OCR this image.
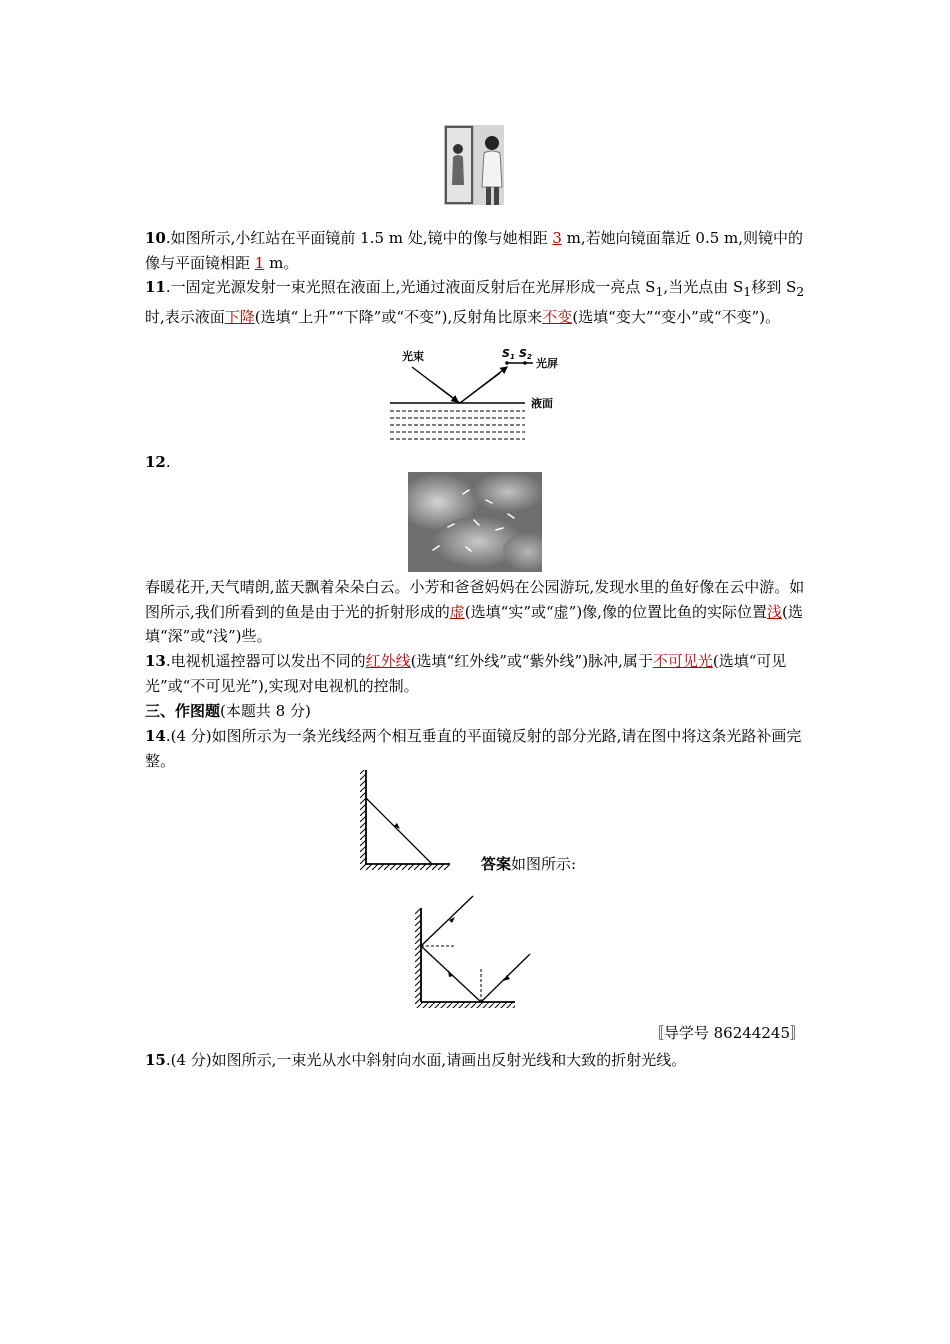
10.如图所示,小红站在平面镜前 1.5 m 处,镜中的像与她相距 3 m,若她向镜面靠近 0.5 m,则镜中的像与平面镜相距 1 m。

11.一固定光源发射一束光照在液面上,光通过液面反射后在光屏形成一亮点 $S_1$,当光点由 $S_1$移到 $S_2$时,表示液面下降(选填“上升”“下降”或“不变”),反射角比原来不变(选填“变大”“变小”或“不变”)。

光束	S1 S2 光屏
液面

12.

春暖花开,天气晴朗,蓝天飘着朵朵白云。小芳和爸爸妈妈在公园游玩,发现水里的鱼好像在云中游。如图所示,我们所看到的鱼是由于光的折射形成的虚(选填“实”或“虚”)像,像的位置比鱼的实际位置浅(选填“深”或“浅”)些。

13.电视机遥控器可以发出不同的红外线(选填“红外线”或“紫外线”)脉冲,属于不可见光(选填“可见光”或“不可见光”),实现对电视机的控制。

三、作图题(本题共 8 分)

14.(4 分)如图所示为一条光线经两个相互垂直的平面镜反射的部分光路,请在图中将这条光路补画完整。

答案如图所示:

〚导学号 86244245〛

15.(4 分)如图所示,一束光从水中斜射向水面,请画出反射光线和大致的折射光线。
